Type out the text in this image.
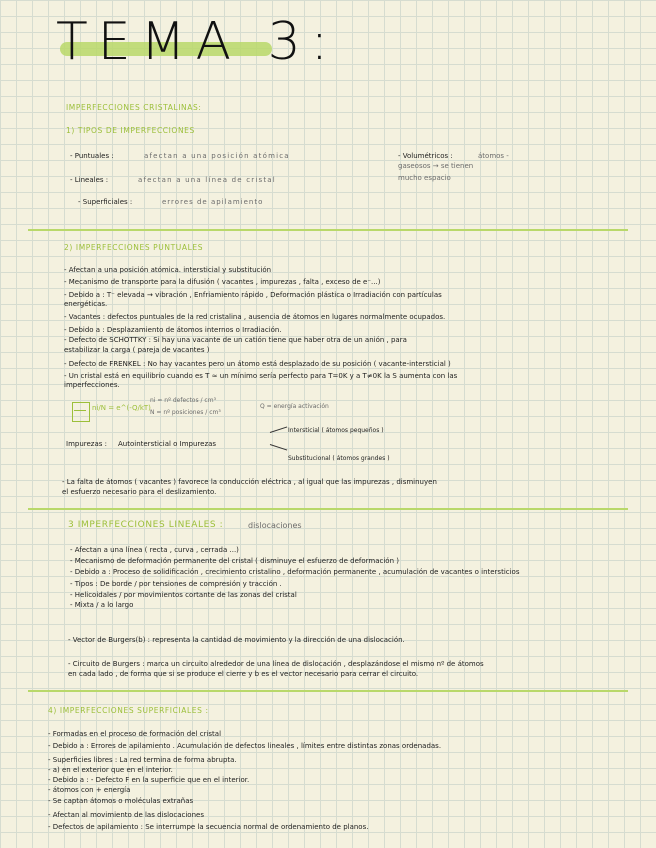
TEMA 3:
IMPERFECCIONES CRISTALINAS:
1) TIPOS DE IMPERFECCIONES
- Puntuales :	afectan a una posición atómica
- Lineales :	afectan a una línea de cristal
- Superficiales :	errores de apilamiento
- Volumétricos :	átomos -
gaseosos → se tienen
mucho espacio
2) IMPERFECCIONES PUNTUALES
- Afectan a una posición atómica. intersticial y substitución
- Mecanismo de transporte para la difusión ( vacantes , impurezas , falta , exceso de e⁻...)
- Debido a : T⁻ elevada → vibración , Enfriamiento rápido , Deformación plástica o Irradiación con partículas
energéticas.
- Vacantes : defectos puntuales de la red cristalina , ausencia de átomos en lugares normalmente ocupados.
- Debido a : Desplazamiento de átomos internos o Irradiación.
- Defecto de SCHOTTKY : Si hay una vacante de un catión tiene que haber otra de un anión , para
estabilizar la carga ( pareja de vacantes )
- Defecto de FRENKEL : No hay vacantes pero un átomo está desplazado de su posición ( vacante-intersticial )
- Un cristal está en equilibrio cuando es T ≈ un mínimo sería perfecto para T=0K y a T≠0K la S aumenta con las
imperfecciones.
ni/N = e^(-Q/kT)
ni = nº defectos / cm³
N = nº posiciones / cm³
Q = energía activación
Impurezas : Autointersticial o Impurezas
Intersticial ( átomos pequeños )
Substitucional ( átomos grandes )
- La falta de átomos ( vacantes ) favorece la conducción eléctrica , al igual que las impurezas , disminuyen
el esfuerzo necesario para el deslizamiento.
3 IMPERFECCIONES LINEALES :	dislocaciones
- Afectan a una línea ( recta , curva , cerrada ...)
- Mecanismo de deformación permanente del cristal ( disminuye el esfuerzo de deformación )
- Debido a : Proceso de solidificación , crecimiento cristalino , deformación permanente , acumulación de vacantes o intersticios
- Tipos : De borde / por tensiones de compresión y tracción .
- Helicoidales / por movimientos cortante de las zonas del cristal
- Mixta / a lo largo
- Vector de Burgers(b) : representa la cantidad de movimiento y la dirección de una dislocación.
- Circuito de Burgers : marca un circuito alrededor de una línea de dislocación , desplazándose el mismo nº de átomos
en cada lado , de forma que si se produce el cierre y b es el vector necesario para cerrar el circuito.
4) IMPERFECCIONES SUPERFICIALES :
- Formadas en el proceso de formación del cristal
- Debido a : Errores de apilamiento . Acumulación de defectos lineales , límites entre distintas zonas ordenadas.
- Superficies libres : La red termina de forma abrupta.
- a) en el exterior que en el interior.
- Debido a : - Defecto F en la superficie que en el interior.
- átomos con + energía
- Se captan átomos o moléculas extrañas
- Afectan al movimiento de las dislocaciones
- Defectos de apilamiento : Se interrumpe la secuencia normal de ordenamiento de planos.
